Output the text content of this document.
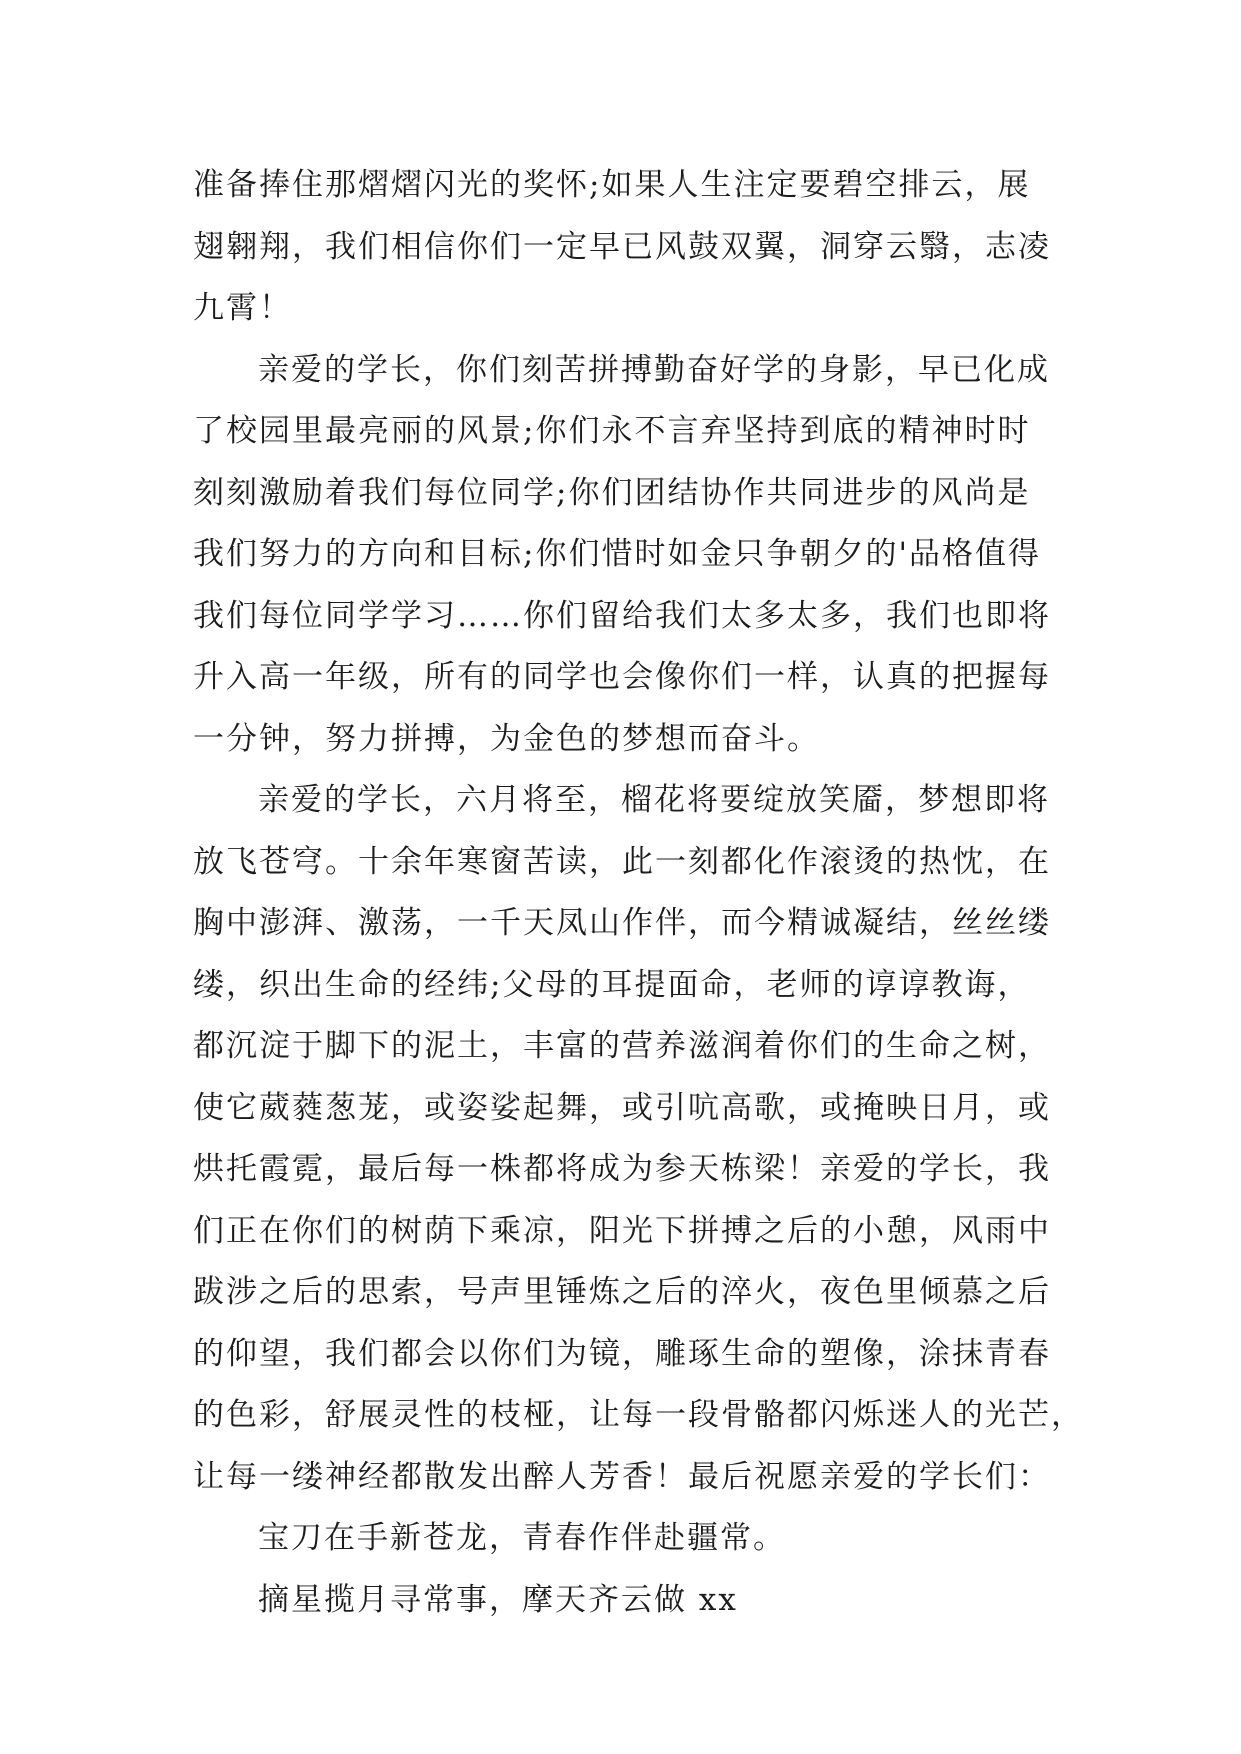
准备捧住那熠熠闪光的奖怀;如果人生注定要碧空排云，展
翅翱翔，我们相信你们一定早已风鼓双翼，洞穿云翳，志凌
九霄！
亲爱的学长，你们刻苦拼搏勤奋好学的身影，早已化成
了校园里最亮丽的风景;你们永不言弃坚持到底的精神时时
刻刻激励着我们每位同学;你们团结协作共同进步的风尚是
我们努力的方向和目标;你们惜时如金只争朝夕的'品格值得
我们每位同学学习……你们留给我们太多太多，我们也即将
升入高一年级，所有的同学也会像你们一样，认真的把握每
一分钟，努力拼搏，为金色的梦想而奋斗。
亲爱的学长，六月将至，榴花将要绽放笑靥，梦想即将
放飞苍穹。十余年寒窗苦读，此一刻都化作滚烫的热忱，在
胸中澎湃、激荡，一千天凤山作伴，而今精诚凝结，丝丝缕
缕，织出生命的经纬;父母的耳提面命，老师的谆谆教诲，
都沉淀于脚下的泥土，丰富的营养滋润着你们的生命之树，
使它葳蕤葱茏，或姿娑起舞，或引吭高歌，或掩映日月，或
烘托霞霓，最后每一株都将成为参天栋梁！亲爱的学长，我
们正在你们的树荫下乘凉，阳光下拼搏之后的小憩，风雨中
跋涉之后的思索，号声里锤炼之后的淬火，夜色里倾慕之后
的仰望，我们都会以你们为镜，雕琢生命的塑像，涂抹青春
的色彩，舒展灵性的枝桠，让每一段骨骼都闪烁迷人的光芒，
让每一缕神经都散发出醉人芳香！最后祝愿亲爱的学长们：
宝刀在手新苍龙，青春作伴赴疆常。
摘星揽月寻常事，摩天齐云做 xx
